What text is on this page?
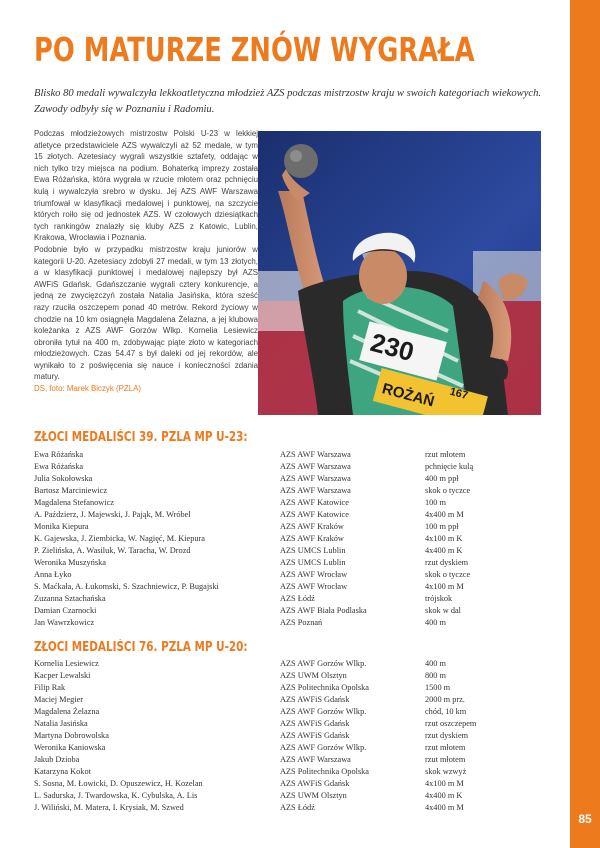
85
PO MATURZE ZNÓW WYGRAŁA

Blisko 80 medali wywalczyła lekkoatletyczna młodzież AZS podczas mistrzostw kraju w swoich kategoriach wiekowych. Zawody odbyły się w Poznaniu i Radomiu.

Podczas młodzieżowych mistrzostw Polski U-23 w lekkiej atletyce przedstawiciele AZS wywalczyli aż 52 medale, w tym 15 złotych. Azetesiacy wygrali wszystkie sztafety, oddając w nich tylko trzy miejsca na podium. Bohaterką imprezy została Ewa Różańska, która wygrała w rzucie młotem oraz pchnięciu kulą i wywalczyła srebro w dysku. Jej AZS AWF Warszawa triumfował w klasyfikacji medalowej i punktowej, na szczycie których roiło się od jednostek AZS. W czołowych dziesiątkach tych rankingów znalazły się kluby AZS z Katowic, Lublin, Krakowa, Wrocławia i Poznania.

Podobnie było w przypadku mistrzostw kraju juniorów w kategorii U-20. Azetesiacy zdobyli 27 medali, w tym 13 złotych, a w klasyfikacji punktowej i medalowej najlepszy był AZS AWFiS Gdańsk. Gdańszczanie wygrali cztery konkurencje, a jedną ze zwycięzczyń została Natalia Jasińska, która sześć razy rzuciła oszczepem ponad 40 metrów. Rekord życiowy w chodzie na 10 km osiągnęła Magdalena Żelazna, a jej klubowa koleżanka z AZS AWF Gorzów Wlkp. Kornelia Lesiewicz obroniła tytuł na 400 m, zdobywając piąte złoto w kategoriach młodzieżowych. Czas 54.47 s był daleki od jej rekordów, ale wynikało to z poświęcenia się nauce i konieczności zdania matury.

DS, foto: Marek Biczyk (PZLA)

230
ROŻAŃ 167
ZŁOCI MEDALIŚCI 39. PZLA MP U-23:
Ewa Różańska	AZS AWF Warszawa	rzut młotem
Ewa Różańska	AZS AWF Warszawa	pchnięcie kulą
Julia Sokołowska	AZS AWF Warszawa	400 m ppł
Bartosz Marciniewicz	AZS AWF Warszawa	skok o tyczce
Magdalena Stefanowicz	AZS AWF Katowice	100 m
A. Paździerz, J. Majewski, J. Pająk, M. Wróbel	AZS AWF Katowice	4x400 m M
Monika Kiepura	AZS AWF Kraków	100 m ppł
K. Gajewska, J. Ziembicka, W. Nagięć, M. Kiepura	AZS AWF Kraków	4x100 m K
P. Zielińska, A. Wasiluk, W. Taracha, W. Drozd	AZS UMCS Lublin	4x400 m K
Weronika Muszyńska	AZS UMCS Lublin	rzut dyskiem
Anna Łyko	AZS AWF Wrocław	skok o tyczce
S. Maćkała, A. Łukomski, S. Szachniewicz, P. Bugajski	AZS AWF Wrocław	4x100 m M
Zuzanna Sztachańska	AZS Łódź	trójskok
Damian Czarnocki	AZS AWF Biała Podlaska	skok w dal
Jan Wawrzkowicz	AZS Poznań	400 m
ZŁOCI MEDALIŚCI 76. PZLA MP U-20:
Kornelia Lesiewicz	AZS AWF Gorzów Wlkp.	400 m
Kacper Lewalski	AZS UWM Olsztyn	800 m
Filip Rak	AZS Politechnika Opolska	1500 m
Maciej Megier	AZS AWFiS Gdańsk	2000 m prz.
Magdalena Żelazna	AZS AWF Gorzów Wlkp.	chód, 10 km
Natalia Jasińska	AZS AWFiS Gdańsk	rzut oszczepem
Martyna Dobrowolska	AZS AWFiS Gdańsk	rzut dyskiem
Weronika Kaniowska	AZS AWF Gorzów Wlkp.	rzut młotem
Jakub Dzioba	AZS AWF Warszawa	rzut młotem
Katarzyna Kokot	AZS Politechnika Opolska	skok wzwyż
S. Sosna, M. Łowicki, D. Opuszewicz, H. Kozelan	AZS AWFiS Gdańsk	4x100 m M
L. Sadurska, J. Twardowska, K. Cybulska, A. Lis	AZS UWM Olsztyn	4x400 m K
J. Wiliński, M. Matera, I. Krysiak, M. Szwed	AZS Łódź	4x400 m M
